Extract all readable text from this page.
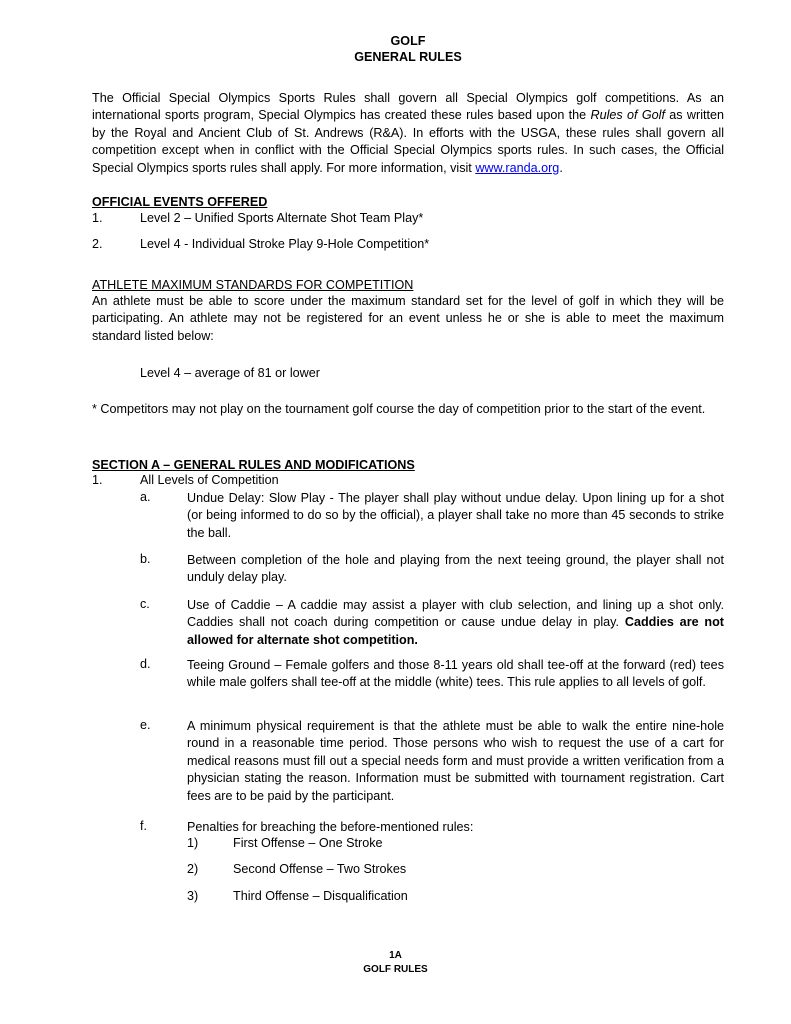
GOLF
GENERAL RULES
The Official Special Olympics Sports Rules shall govern all Special Olympics golf competitions. As an international sports program, Special Olympics has created these rules based upon the Rules of Golf as written by the Royal and Ancient Club of St. Andrews (R&A). In efforts with the USGA, these rules shall govern all competition except when in conflict with the Official Special Olympics sports rules. In such cases, the Official Special Olympics sports rules shall apply. For more information, visit www.randa.org.
OFFICIAL EVENTS OFFERED
1.	Level 2 – Unified Sports Alternate Shot Team Play*
2.	Level 4 - Individual Stroke Play 9-Hole Competition*
ATHLETE MAXIMUM STANDARDS FOR COMPETITION
An athlete must be able to score under the maximum standard set for the level of golf in which they will be participating. An athlete may not be registered for an event unless he or she is able to meet the maximum standard listed below:
Level 4 – average of 81 or lower
* Competitors may not play on the tournament golf course the day of competition prior to the start of the event.
SECTION A – GENERAL RULES AND MODIFICATIONS
1.	All Levels of Competition
a.	Undue Delay: Slow Play - The player shall play without undue delay. Upon lining up for a shot (or being informed to do so by the official), a player shall take no more than 45 seconds to strike the ball.
b.	Between completion of the hole and playing from the next teeing ground, the player shall not unduly delay play.
c.	Use of Caddie – A caddie may assist a player with club selection, and lining up a shot only. Caddies shall not coach during competition or cause undue delay in play. Caddies are not allowed for alternate shot competition.
d.	Teeing Ground – Female golfers and those 8-11 years old shall tee-off at the forward (red) tees while male golfers shall tee-off at the middle (white) tees. This rule applies to all levels of golf.
e.	A minimum physical requirement is that the athlete must be able to walk the entire nine-hole round in a reasonable time period. Those persons who wish to request the use of a cart for medical reasons must fill out a special needs form and must provide a written verification from a physician stating the reason. Information must be submitted with tournament registration. Cart fees are to be paid by the participant.
f.	Penalties for breaching the before-mentioned rules:
1)	First Offense – One Stroke
2)	Second Offense – Two Strokes
3)	Third Offense – Disqualification
1A
GOLF RULES
